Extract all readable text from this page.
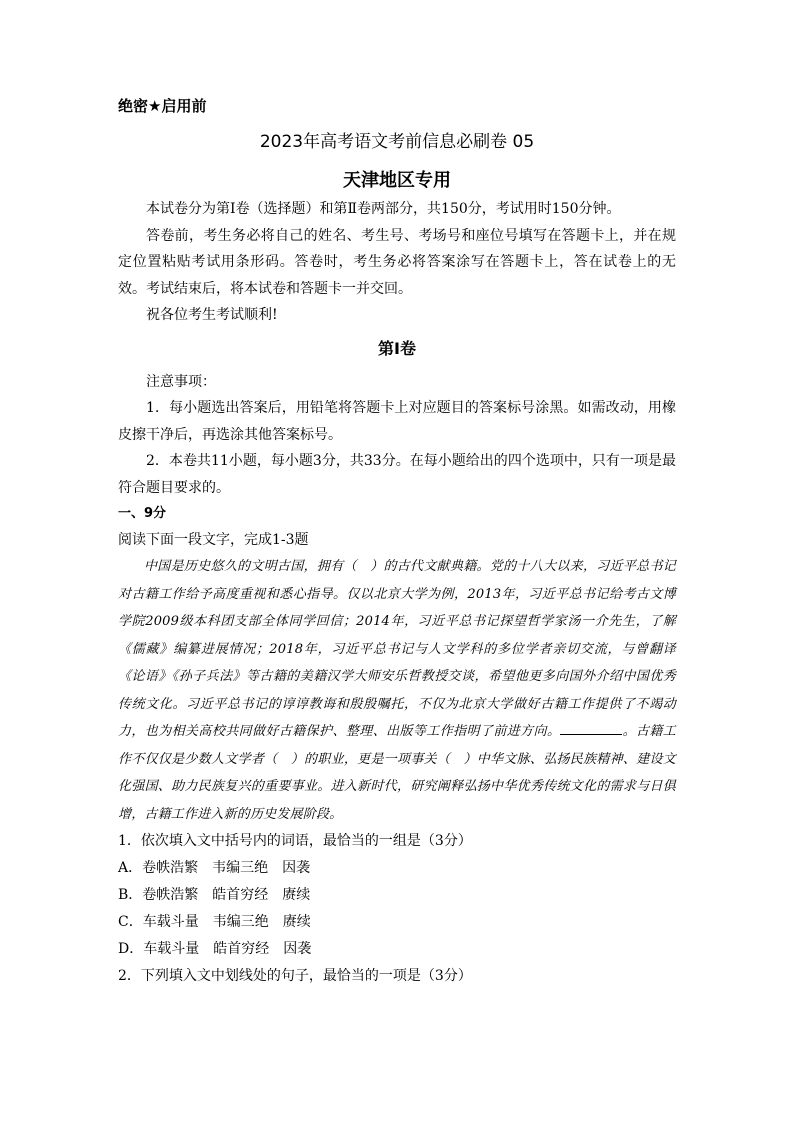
绝密★启用前

2023年高考语文考前信息必刷卷 05

天津地区专用

本试卷分为第Ⅰ卷（选择题）和第Ⅱ卷两部分，共150分，考试用时150分钟。

答卷前，考生务必将自己的姓名、考生号、考场号和座位号填写在答题卡上，并在规定位置粘贴考试用条形码。答卷时，考生务必将答案涂写在答题卡上，答在试卷上的无效。考试结束后，将本试卷和答题卡一并交回。

祝各位考生考试顺利!

第Ⅰ卷

注意事项：

1．每小题选出答案后，用铅笔将答题卡上对应题目的答案标号涂黑。如需改动，用橡皮擦干净后，再选涂其他答案标号。

2．本卷共11小题，每小题3分，共33分。在每小题给出的四个选项中，只有一项是最符合题目要求的。

一、9分

阅读下面一段文字，完成1-3题

中国是历史悠久的文明古国，拥有（　）的古代文献典籍。党的十八大以来，习近平总书记对古籍工作给予高度重视和悉心指导。仅以北京大学为例，2013年，习近平总书记给考古文博学院2009级本科团支部全体同学回信；2014年，习近平总书记探望哲学家汤一介先生，了解《儒藏》编纂进展情况；2018年，习近平总书记与人文学科的多位学者亲切交流，与曾翻译《论语》《孙子兵法》等古籍的美籍汉学大师安乐哲教授交谈，希望他更多向国外介绍中国优秀传统文化。习近平总书记的谆谆教诲和殷殷嘱托，不仅为北京大学做好古籍工作提供了不竭动力，也为相关高校共同做好古籍保护、整理、出版等工作指明了前进方向。	。古籍工作不仅仅是少数人文学者（　）的职业，更是一项事关（　）中华文脉、弘扬民族精神、建设文化强国、助力民族复兴的重要事业。进入新时代，研究阐释弘扬中华优秀传统文化的需求与日俱增，古籍工作进入新的历史发展阶段。

1．依次填入文中括号内的词语，最恰当的一组是（3分）

A．卷帙浩繁　韦编三绝　因袭

B．卷帙浩繁　皓首穷经　赓续

C．车载斗量　韦编三绝　赓续

D．车载斗量　皓首穷经　因袭

2．下列填入文中划线处的句子，最恰当的一项是（3分）
